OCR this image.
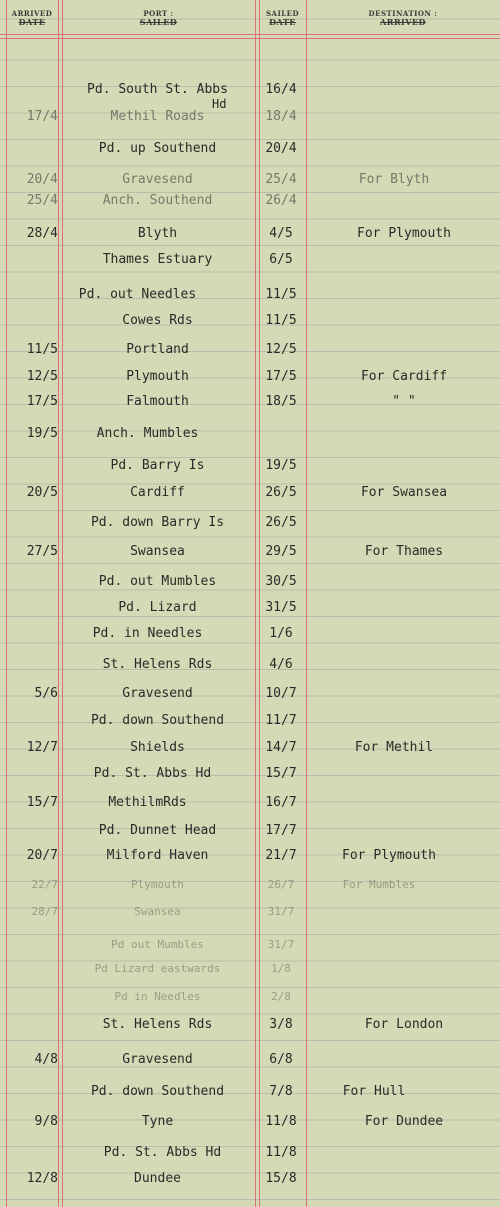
ARRIVED
DATE
PORT :
SAILED
SAILED
DATE
DESTINATION :
ARRIVED
Pd. South St. Abbs	16/4
17/4	Methil Roads	18/4
Pd. up Southend	20/4
20/4	Gravesend	25/4	For Blyth
25/4	Anch. Southend	26/4
28/4	Blyth	4/5	For Plymouth
Thames Estuary	6/5
Pd. out Needles	11/5
Cowes Rds	11/5
11/5	Portland	12/5
12/5	Plymouth	17/5	For Cardiff
17/5	Falmouth	18/5	" "
19/5	Anch. Mumbles
Pd. Barry Is	19/5
20/5	Cardiff	26/5	For Swansea
Pd. down Barry Is	26/5
27/5	Swansea	29/5	For Thames
Pd. out Mumbles	30/5
Pd. Lizard	31/5
Pd. in Needles	1/6
St. Helens Rds	4/6
5/6	Gravesend	10/7
Pd. down Southend	11/7
12/7	Shields	14/7	For Methil
Pd. St. Abbs Hd	15/7
15/7	MethilmRds	16/7
Pd. Dunnet Head	17/7
20/7	Milford Haven	21/7	For Plymouth
22/7	Plymouth	26/7	For Mumbles
28/7	Swansea	31/7
Pd out Mumbles	31/7
Pd Lizard eastwards	1/8
Pd in Needles	2/8
St. Helens Rds	3/8	For London
4/8	Gravesend	6/8
Pd. down Southend	7/8	For Hull
9/8	Tyne	11/8	For Dundee
Pd. St. Abbs Hd	11/8
12/8	Dundee	15/8
Hd
